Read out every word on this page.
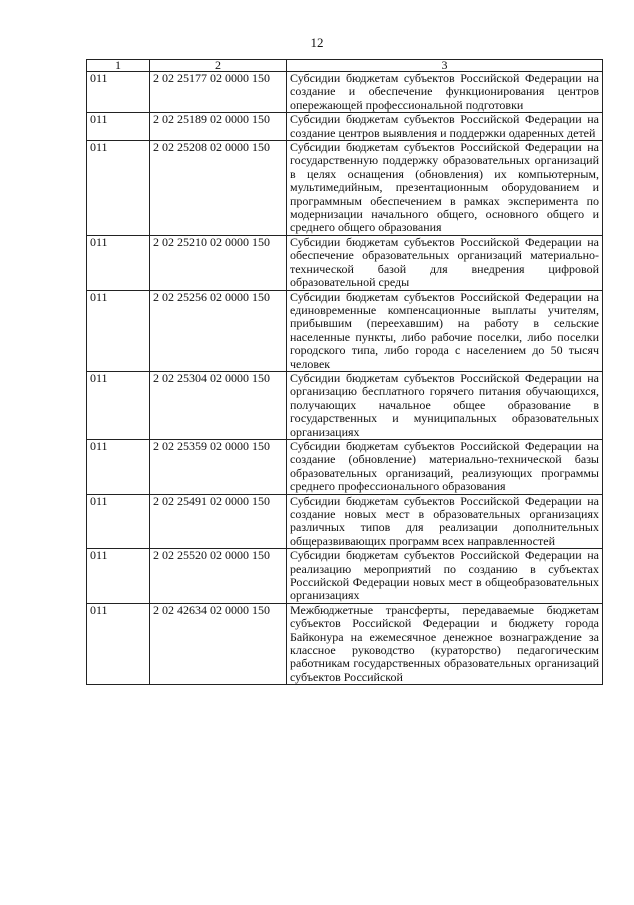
12
1	2	3
011	2 02 25177 02 0000 150	Субсидии бюджетам субъектов Российской Федерации на создание и обеспечение функционирования центров опережающей профессиональной подготовки
011	2 02 25189 02 0000 150	Субсидии бюджетам субъектов Российской Федерации на создание центров выявления и поддержки одаренных детей
011	2 02 25208 02 0000 150	Субсидии бюджетам субъектов Российской Федерации на государственную поддержку образовательных организаций в целях оснащения (обновления) их компьютерным, мультимедийным, презентационным оборудованием и программным обеспечением в рамках эксперимента по модернизации начального общего, основного общего и среднего общего образования
011	2 02 25210 02 0000 150	Субсидии бюджетам субъектов Российской Федерации на обеспечение образовательных организаций материально-технической базой для внедрения цифровой образовательной среды
011	2 02 25256 02 0000 150	Субсидии бюджетам субъектов Российской Федерации на единовременные компенсационные выплаты учителям, прибывшим (переехавшим) на работу в сельские населенные пункты, либо рабочие поселки, либо поселки городского типа, либо города с населением до 50 тысяч человек
011	2 02 25304 02 0000 150	Субсидии бюджетам субъектов Российской Федерации на организацию бесплатного горячего питания обучающихся, получающих начальное общее образование в государственных и муниципальных образовательных организациях
011	2 02 25359 02 0000 150	Субсидии бюджетам субъектов Российской Федерации на создание (обновление) материально-технической базы образовательных организаций, реализующих программы среднего профессионального образования
011	2 02 25491 02 0000 150	Субсидии бюджетам субъектов Российской Федерации на создание новых мест в образовательных организациях различных типов для реализации дополнительных общеразвивающих программ всех направленностей
011	2 02 25520 02 0000 150	Субсидии бюджетам субъектов Российской Федерации на реализацию мероприятий по созданию в субъектах Российской Федерации новых мест в общеобразовательных организациях
011	2 02 42634 02 0000 150	Межбюджетные трансферты, передаваемые бюджетам субъектов Российской Федерации и бюджету города Байконура на ежемесячное денежное вознаграждение за классное руководство (кураторство) педагогическим работникам государственных образовательных организаций субъектов Российской
